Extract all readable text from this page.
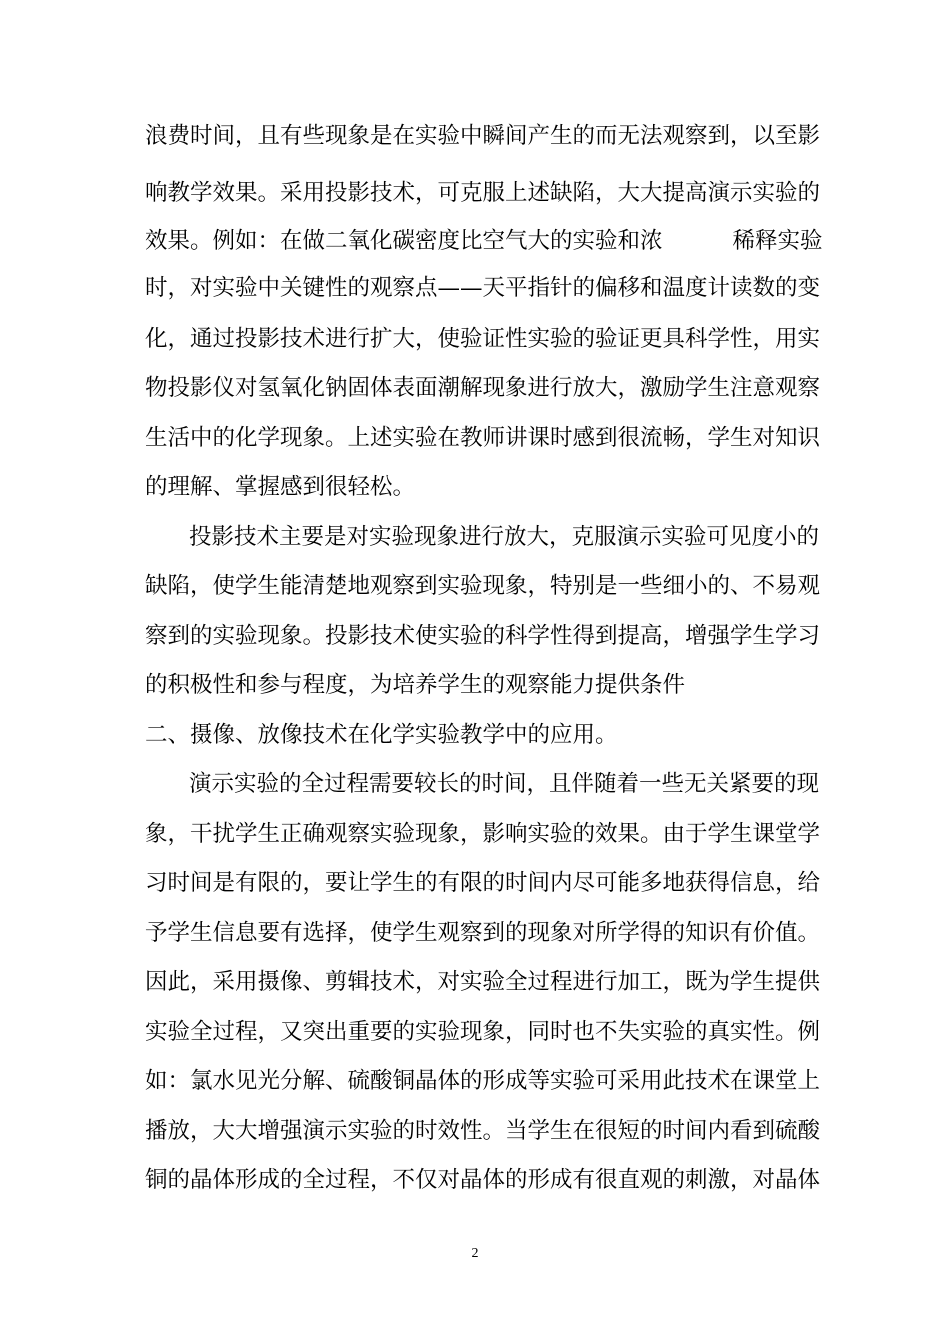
浪费时间，且有些现象是在实验中瞬间产生的而无法观察到，以至影
响教学效果。采用投影技术，可克服上述缺陷，大大提高演示实验的
效果。例如：在做二氧化碳密度比空气大的实验和浓	稀释实验
时，对实验中关键性的观察点——天平指针的偏移和温度计读数的变
化，通过投影技术进行扩大，使验证性实验的验证更具科学性，用实
物投影仪对氢氧化钠固体表面潮解现象进行放大，激励学生注意观察
生活中的化学现象。上述实验在教师讲课时感到很流畅，学生对知识
的理解、掌握感到很轻松。
投影技术主要是对实验现象进行放大，克服演示实验可见度小的
缺陷，使学生能清楚地观察到实验现象，特别是一些细小的、不易观
察到的实验现象。投影技术使实验的科学性得到提高，增强学生学习
的积极性和参与程度，为培养学生的观察能力提供条件
二、摄像、放像技术在化学实验教学中的应用。
演示实验的全过程需要较长的时间，且伴随着一些无关紧要的现
象，干扰学生正确观察实验现象，影响实验的效果。由于学生课堂学
习时间是有限的，要让学生的有限的时间内尽可能多地获得信息，给
予学生信息要有选择，使学生观察到的现象对所学得的知识有价值。
因此，采用摄像、剪辑技术，对实验全过程进行加工，既为学生提供
实验全过程，又突出重要的实验现象，同时也不失实验的真实性。例
如：氯水见光分解、硫酸铜晶体的形成等实验可采用此技术在课堂上
播放，大大增强演示实验的时效性。当学生在很短的时间内看到硫酸
铜的晶体形成的全过程，不仅对晶体的形成有很直观的刺激，对晶体
2
